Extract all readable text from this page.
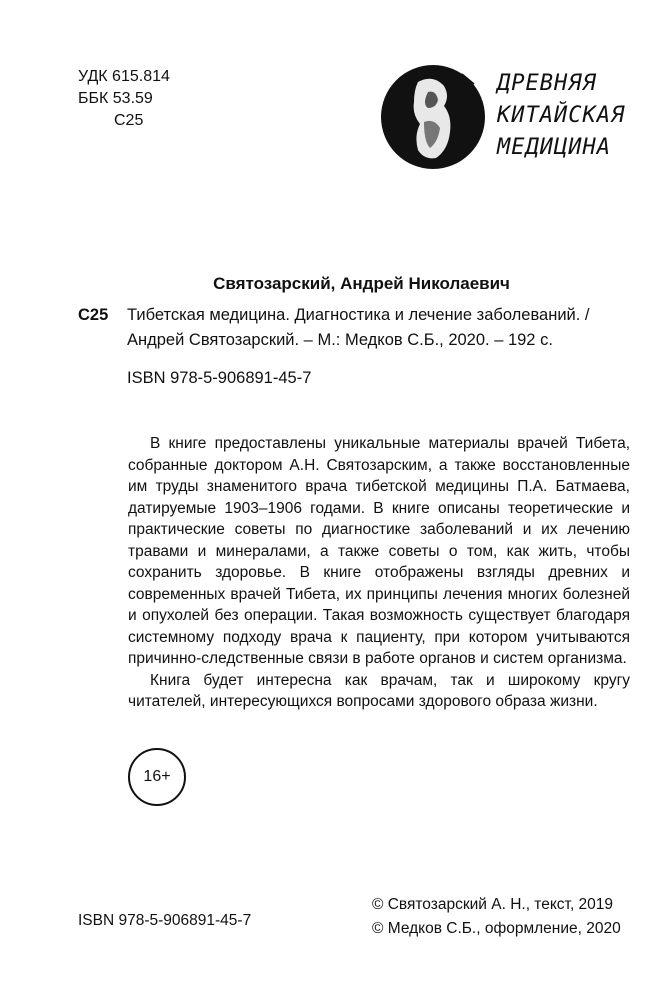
УДК 615.814
ББК 53.59
С25
ДРЕВНЯЯ
КИТАЙСКАЯ
МЕДИЦИНА
Святозарский, Андрей Николаевич
С25 Тибетская медицина. Диагностика и лечение заболеваний. / Андрей Святозарский. – М.: Медков С.Б., 2020. – 192 с.
ISBN 978-5-906891-45-7

В книге предоставлены уникальные материалы врачей Тибета, собранные доктором А.Н. Святозарским, а также восстановленные им труды знаменитого врача тибетской медицины П.А. Батмаева, датируемые 1903–1906 годами. В книге описаны теоретические и практические советы по диагностике заболеваний и их лечению травами и минералами, а также советы о том, как жить, чтобы сохранить здоровье. В книге отображены взгляды древних и современных врачей Тибета, их принципы лечения многих болезней и опухолей без операции. Такая возможность существует благодаря системному подходу врача к пациенту, при котором учитываются причинно-следственные связи в работе органов и систем организма.

Книга будет интересна как врачам, так и широкому кругу читателей, интересующихся вопросами здорового образа жизни.

16+
ISBN 978-5-906891-45-7
© Святозарский А. Н., текст, 2019
© Медков С.Б., оформление, 2020
